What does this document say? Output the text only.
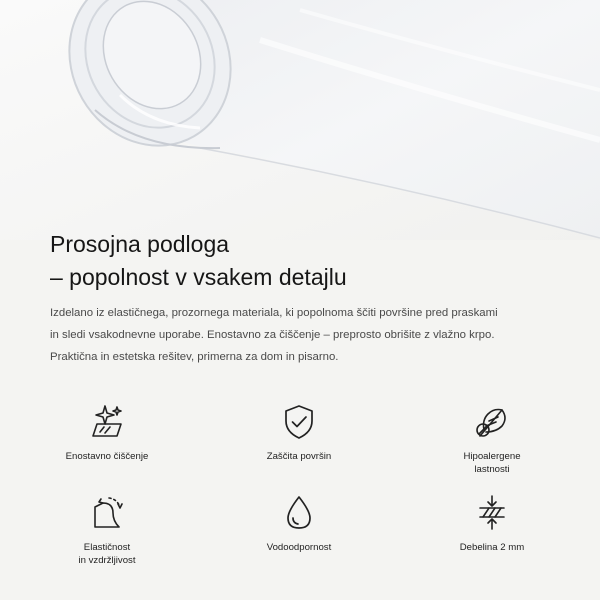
Prosojna podloga
– popolnost v vsakem detajlu
Izdelano iz elastičnega, prozornega materiala, ki popolnoma ščiti površine pred praskami
in sledi vsakodnevne uporabe. Enostavno za čiščenje – preprosto obrišite z vlažno krpo.
Praktična in estetska rešitev, primerna za dom in pisarno.
Enostavno čiščenje	Zaščita površin	Hipoalergene
lastnosti
Elastičnost
in vzdržljivost
Vodoodpornost	Debelina 2 mm
